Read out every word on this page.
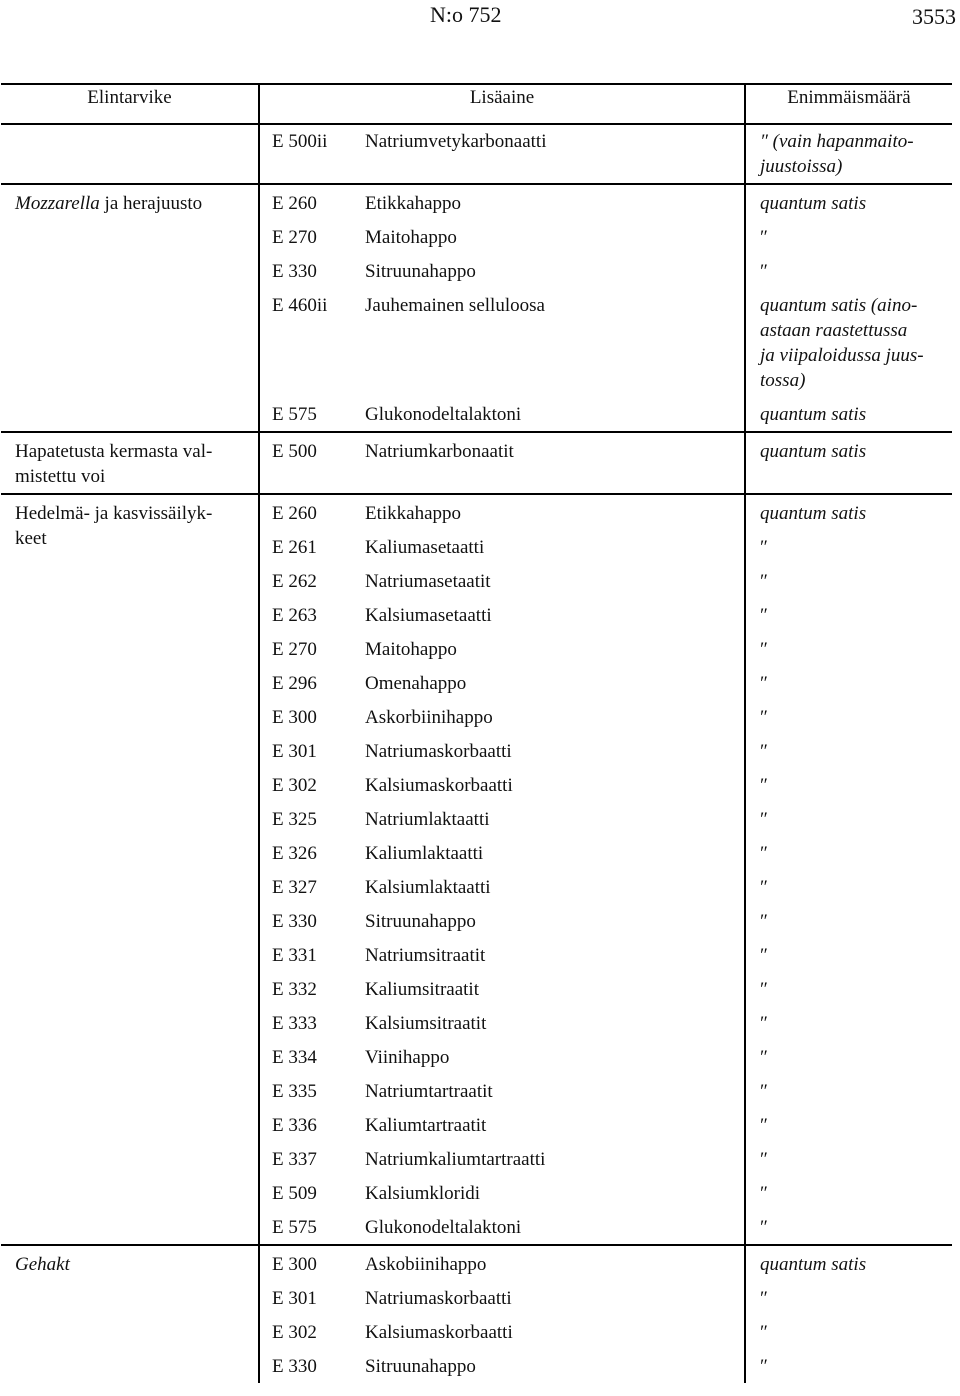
N:o 752	3553
Elintarvike	Lisäaine	Enimmäismäärä
	E 500ii Natriumvetykarbonaatti	″ (vain hapanmaito-
juustoissa)
Mozzarella ja herajuusto	E 260 Etikkahappo	quantum satis
	E 270 Maitohappo	″
	E 330 Sitruunahappo	″
	E 460ii Jauhemainen selluloosa	quantum satis (aino-
astaan raastettussa
ja viipaloidussa juus-
tossa)
	E 575 Glukonodeltalaktoni	quantum satis
Hapatetusta kermasta val-
mistettu voi	E 500 Natriumkarbonaatit	quantum satis
Hedelmä- ja kasvissäilyk-
keet	E 260 Etikkahappo	quantum satis
	E 261 Kaliumasetaatti	″
	E 262 Natriumasetaatit	″
	E 263 Kalsiumasetaatti	″
	E 270 Maitohappo	″
	E 296 Omenahappo	″
	E 300 Askorbiinihappo	″
	E 301 Natriumaskorbaatti	″
	E 302 Kalsiumaskorbaatti	″
	E 325 Natriumlaktaatti	″
	E 326 Kaliumlaktaatti	″
	E 327 Kalsiumlaktaatti	″
	E 330 Sitruunahappo	″
	E 331 Natriumsitraatit	″
	E 332 Kaliumsitraatit	″
	E 333 Kalsiumsitraatit	″
	E 334 Viinihappo	″
	E 335 Natriumtartraatit	″
	E 336 Kaliumtartraatit	″
	E 337 Natriumkaliumtartraatti	″
	E 509 Kalsiumkloridi	″
	E 575 Glukonodeltalaktoni	″
Gehakt	E 300 Askobiinihappo	quantum satis
	E 301 Natriumaskorbaatti	″
	E 302 Kalsiumaskorbaatti	″
	E 330 Sitruunahappo	″
